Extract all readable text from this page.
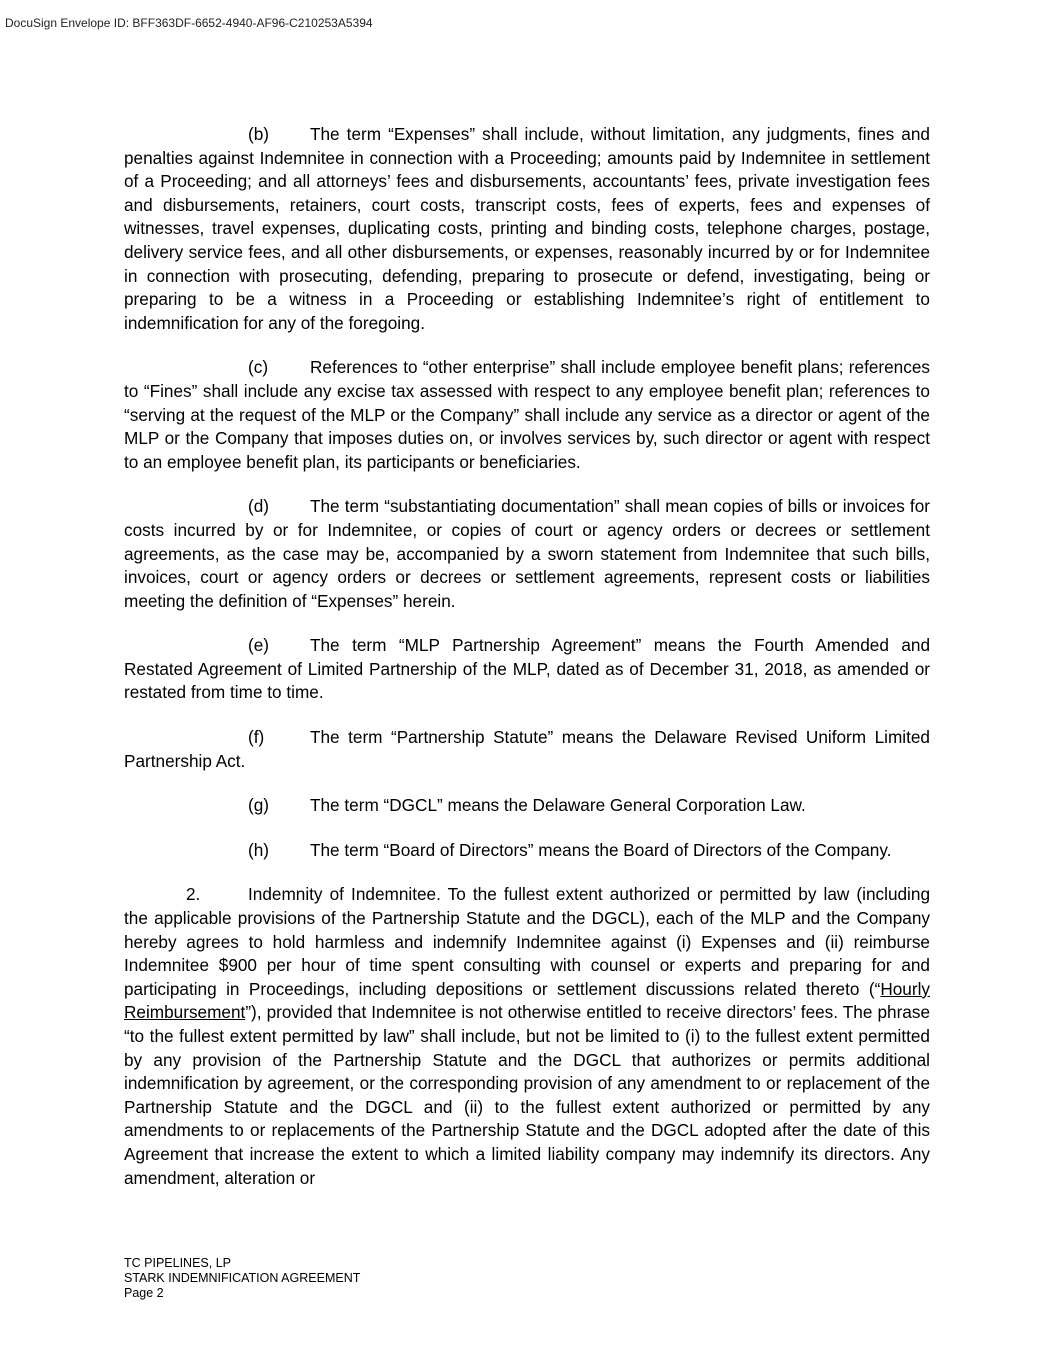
DocuSign Envelope ID: BFF363DF-6652-4940-AF96-C210253A5394

(b) The term “Expenses” shall include, without limitation, any judgments, fines and penalties against Indemnitee in connection with a Proceeding; amounts paid by Indemnitee in settlement of a Proceeding; and all attorneys’ fees and disbursements, accountants’ fees, private investigation fees and disbursements, retainers, court costs, transcript costs, fees of experts, fees and expenses of witnesses, travel expenses, duplicating costs, printing and binding costs, telephone charges, postage, delivery service fees, and all other disbursements, or expenses, reasonably incurred by or for Indemnitee in connection with prosecuting, defending, preparing to prosecute or defend, investigating, being or preparing to be a witness in a Proceeding or establishing Indemnitee’s right of entitlement to indemnification for any of the foregoing.

(c) References to “other enterprise” shall include employee benefit plans; references to “Fines” shall include any excise tax assessed with respect to any employee benefit plan; references to “serving at the request of the MLP or the Company” shall include any service as a director or agent of the MLP or the Company that imposes duties on, or involves services by, such director or agent with respect to an employee benefit plan, its participants or beneficiaries.

(d) The term “substantiating documentation” shall mean copies of bills or invoices for costs incurred by or for Indemnitee, or copies of court or agency orders or decrees or settlement agreements, as the case may be, accompanied by a sworn statement from Indemnitee that such bills, invoices, court or agency orders or decrees or settlement agreements, represent costs or liabilities meeting the definition of “Expenses” herein.

(e) The term “MLP Partnership Agreement” means the Fourth Amended and Restated Agreement of Limited Partnership of the MLP, dated as of December 31, 2018, as amended or restated from time to time.

(f)	The term “Partnership Statute” means the Delaware Revised Uniform Limited Partnership Act.

(g) The term “DGCL” means the Delaware General Corporation Law.

(h) The term “Board of Directors” means the Board of Directors of the Company.

2.	Indemnity of Indemnitee. To the fullest extent authorized or permitted by law (including the applicable provisions of the Partnership Statute and the DGCL), each of the MLP and the Company hereby agrees to hold harmless and indemnify Indemnitee against (i) Expenses and (ii) reimburse Indemnitee $900 per hour of time spent consulting with counsel or experts and preparing for and participating in Proceedings, including depositions or settlement discussions related thereto (“Hourly Reimbursement”), provided that Indemnitee is not otherwise entitled to receive directors’ fees. The phrase “to the fullest extent permitted by law” shall include, but not be limited to (i) to the fullest extent permitted by any provision of the Partnership Statute and the DGCL that authorizes or permits additional indemnification by agreement, or the corresponding provision of any amendment to or replacement of the Partnership Statute and the DGCL and (ii) to the fullest extent authorized or permitted by any amendments to or replacements of the Partnership Statute and the DGCL adopted after the date of this Agreement that increase the extent to which a limited liability company may indemnify its directors. Any amendment, alteration or

TC PIPELINES, LP
STARK INDEMNIFICATION AGREEMENT
Page 2
